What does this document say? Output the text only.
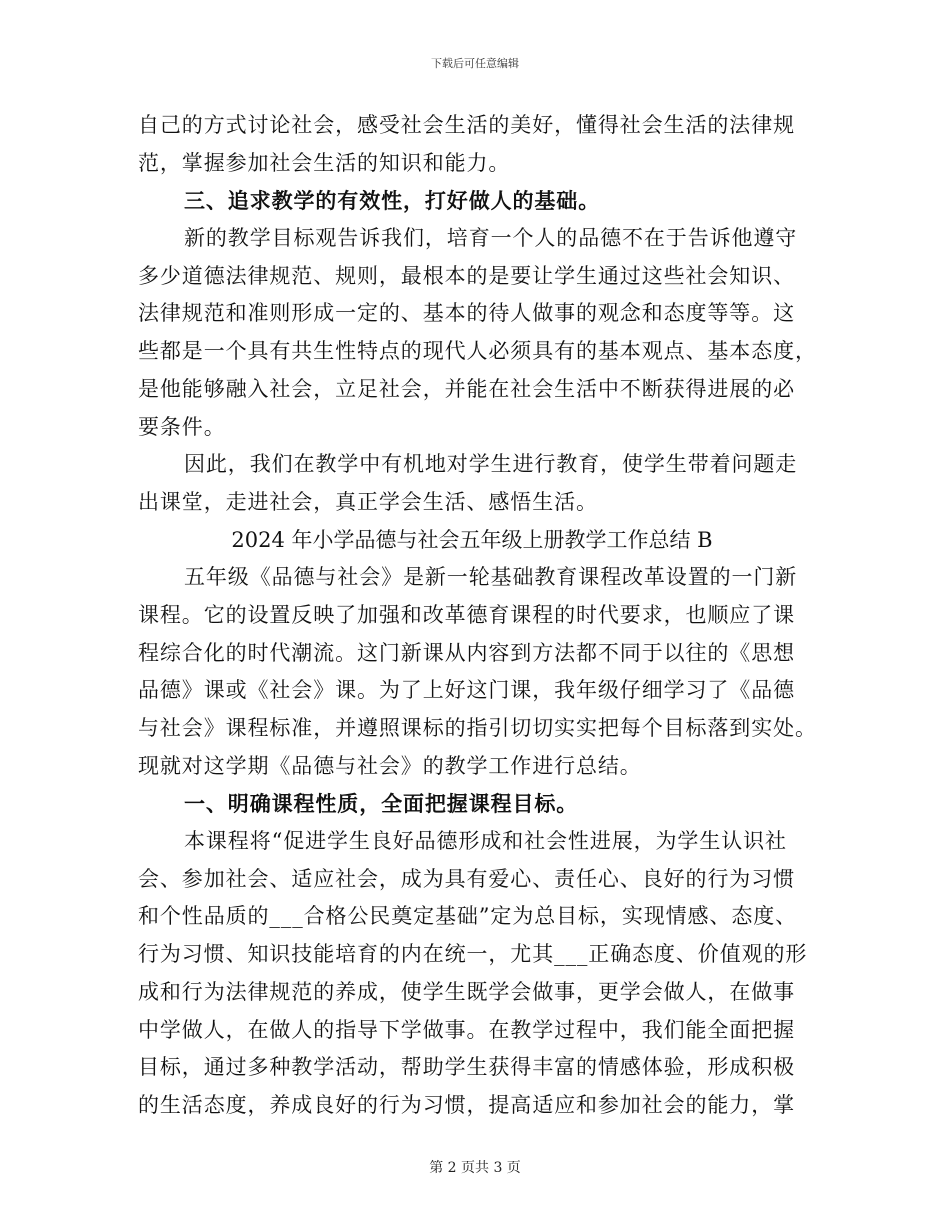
下载后可任意编辑
自己的方式讨论社会，感受社会生活的美好，懂得社会生活的法律规
范，掌握参加社会生活的知识和能力。
三、追求教学的有效性，打好做人的基础。
新的教学目标观告诉我们，培育一个人的品德不在于告诉他遵守
多少道德法律规范、规则，最根本的是要让学生通过这些社会知识、
法律规范和准则形成一定的、基本的待人做事的观念和态度等等。这
些都是一个具有共生性特点的现代人必须具有的基本观点、基本态度，
是他能够融入社会，立足社会，并能在社会生活中不断获得进展的必
要条件。
因此，我们在教学中有机地对学生进行教育，使学生带着问题走
出课堂，走进社会，真正学会生活、感悟生活。
2024 年小学品德与社会五年级上册教学工作总结 B
五年级《品德与社会》是新一轮基础教育课程改革设置的一门新
课程。它的设置反映了加强和改革德育课程的时代要求，也顺应了课
程综合化的时代潮流。这门新课从内容到方法都不同于以往的《思想
品德》课或《社会》课。为了上好这门课，我年级仔细学习了《品德
与社会》课程标准，并遵照课标的指引切切实实把每个目标落到实处。
现就对这学期《品德与社会》的教学工作进行总结。
一、明确课程性质，全面把握课程目标。
本课程将“促进学生良好品德形成和社会性进展，为学生认识社
会、参加社会、适应社会，成为具有爱心、责任心、良好的行为习惯
和个性品质的___合格公民奠定基础”定为总目标，实现情感、态度、
行为习惯、知识技能培育的内在统一，尤其___正确态度、价值观的形
成和行为法律规范的养成，使学生既学会做事，更学会做人，在做事
中学做人，在做人的指导下学做事。在教学过程中，我们能全面把握
目标，通过多种教学活动，帮助学生获得丰富的情感体验，形成积极
的生活态度，养成良好的行为习惯，提高适应和参加社会的能力，掌
第 2 页共 3 页
